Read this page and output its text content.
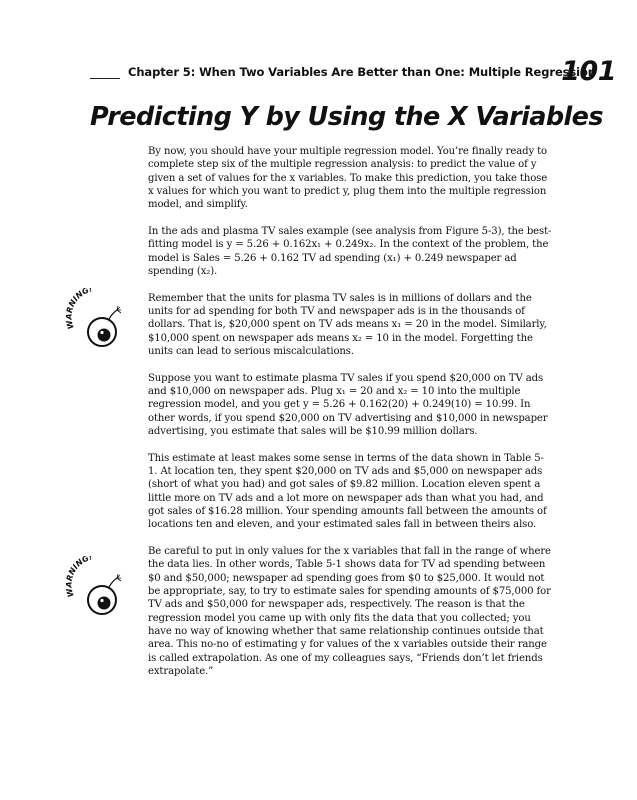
Chapter 5: When Two Variables Are Better than One: Multiple Regression
101
Predicting Y by Using the X Variables
NING!
NING!

By now, you should have your multiple regression model. You’re finally ready to complete step six of the multiple regression analysis: to predict the value of y given a set of values for the x variables. To make this prediction, you take those x values for which you want to predict y, plug them into the multiple regression model, and simplify.

In the ads and plasma TV sales example (see analysis from Figure 5-3), the best-fitting model is y = 5.26 + 0.162x₁ + 0.249x₂. In the context of the problem, the model is Sales = 5.26 + 0.162 TV ad spending (x₁) + 0.249 newspaper ad spending (x₂).

Remember that the units for plasma TV sales is in millions of dollars and the units for ad spending for both TV and newspaper ads is in the thousands of dollars. That is, $20,000 spent on TV ads means x₁ = 20 in the model. Similarly, $10,000 spent on newspaper ads means x₂ = 10 in the model. Forgetting the units can lead to serious miscalculations.

Suppose you want to estimate plasma TV sales if you spend $20,000 on TV ads and $10,000 on newspaper ads. Plug x₁ = 20 and x₂ = 10 into the multiple regression model, and you get y = 5.26 + 0.162(20) + 0.249(10) = 10.99. In other words, if you spend $20,000 on TV advertising and $10,000 in newspaper advertising, you estimate that sales will be $10.99 million dollars.

This estimate at least makes some sense in terms of the data shown in Table 5-1. At location ten, they spent $20,000 on TV ads and $5,000 on newspaper ads (short of what you had) and got sales of $9.82 million. Location eleven spent a little more on TV ads and a lot more on newspaper ads than what you had, and got sales of $16.28 million. Your spending amounts fall between the amounts of locations ten and eleven, and your estimated sales fall in between theirs also.

Be careful to put in only values for the x variables that fall in the range of where the data lies. In other words, Table 5-1 shows data for TV ad spending between $0 and $50,000; newspaper ad spending goes from $0 to $25,000. It would not be appropriate, say, to try to estimate sales for spending amounts of $75,000 for TV ads and $50,000 for newspaper ads, respectively. The reason is that the regression model you came up with only fits the data that you collected; you have no way of knowing whether that same relationship continues outside that area. This no-no of estimating y for values of the x variables outside their range is called extrapolation. As one of my colleagues says, “Friends don’t let friends extrapolate.”
